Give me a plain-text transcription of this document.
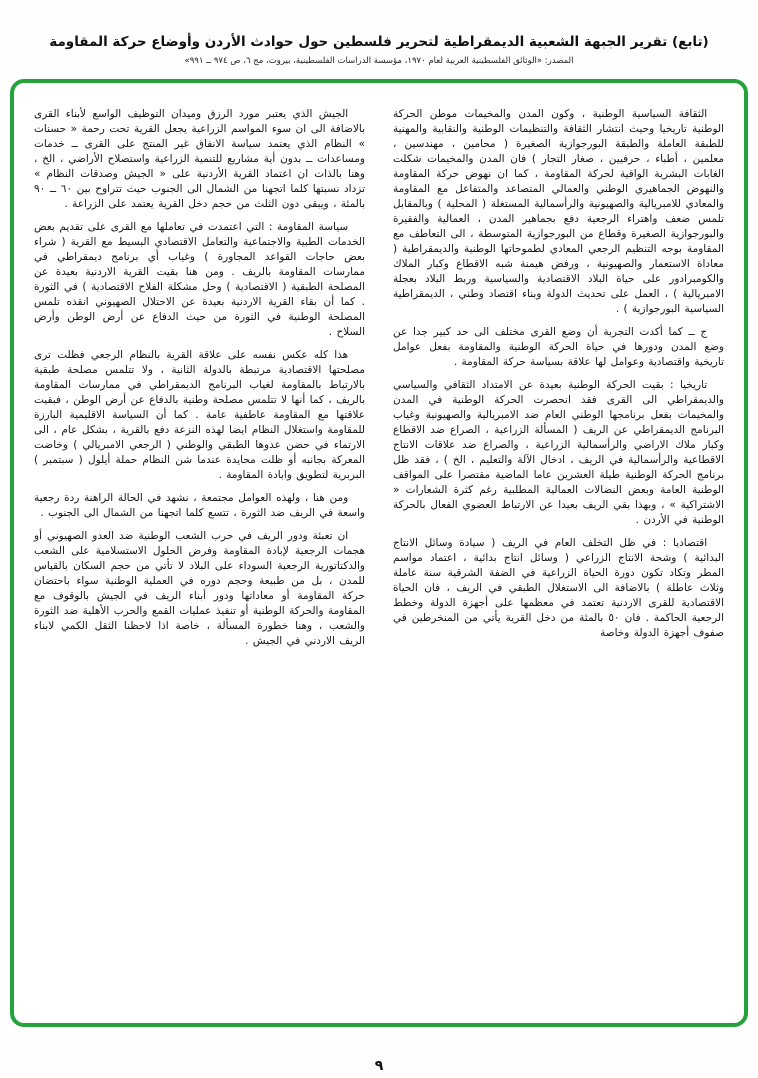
(تابع) تقرير الجبهة الشعبية الديمقراطية لتحرير فلسطين حول حوادث الأردن وأوضاع حركة المقاومة
المصدر: «الوثائق الفلسطينية العربية لعام ١٩٧٠، مؤسسة الدراسات الفلسطينية، بيروت، مج ٦، ص ٩٧٤ ــ ٩٩١»

الثقافة السياسية الوطنية ، وكون المدن والمخيمات موطن الحركة الوطنية تاريخيا وحيث انتشار الثقافة والتنظيمات الوطنية والنقابية والمهنية للطبقة العاملة والطبقة البورجوازية الصغيرة ( محامين ، مهندسين ، معلمين ، أطباء ، حرفيين ، صغار التجار ) فان المدن والمخيمات شكلت الغابات البشرية الواقية لحركة المقاومة ، كما ان نهوض حركة المقاومة والنهوض الجماهيري الوطني والعمالي المتصاعد والمتفاعل مع المقاومة والمعادي للامبريالية والصهيونية والرأسمالية المستغلة ( المحلية ) وبالمقابل تلمس ضعف واهتراء الرجعية دفع بجماهير المدن ، العمالية والفقيرة والبورجوازية الصغيرة وقطاع من البورجوازية المتوسطة ، الى التعاطف مع المقاومة بوجه التنظيم الرجعي المعادي لطموحاتها الوطنية والديمقراطية ( معاداة الاستعمار والصهيونية ، ورفض هيمنة شبه الاقطاع وكبار الملاك والكومبرادور على حياة البلاد الاقتصادية والسياسية وربط البلاد بعجلة الامبريالية ) ، العمل على تحديث الدولة وبناء اقتصاد وطني ، الديمقراطية السياسية البورجوازية ) .

ج ــ كما أكدت التجربة أن وضع القرى مختلف الى حد كبير جدا عن وضع المدن ودورها في حياة الحركة الوطنية والمقاومة بفعل عوامل تاريخية واقتصادية وعوامل لها علاقة بسياسة حركة المقاومة .

تاريخيا : بقيت الحركة الوطنية بعيدة عن الامتداد الثقافي والسياسي والديمقراطي الى القرى فقد انحصرت الحركة الوطنية في المدن والمخيمات بفعل برنامجها الوطني العام ضد الامبريالية والصهيونية وغياب البرنامج الديمقراطي عن الريف ( المسألة الزراعية ، الصراع ضد الاقطاع وكبار ملاك الاراضي والرأسمالية الزراعية ، والصراع ضد علاقات الانتاج الاقطاعية والرأسمالية في الريف ، ادخال الآلة والتعليم ، الخ ) ، فقد ظل برنامج الحركة الوطنية طيلة العشرين عاما الماضية مقتصرا على المواقف الوطنية العامة وبعض النضالات العمالية المطلبية رغم كثرة الشعارات « الاشتراكية » ، وبهذا بقي الريف بعيدا عن الارتباط العضوي الفعال بالحركة الوطنية في الأردن .

اقتصاديا : في ظل التخلف العام في الريف ( سيادة وسائل الانتاج البدائية ) وشحة الانتاج الزراعي ( وسائل انتاج بدائية ، اعتماد مواسم المطر وتكاد تكون دورة الحياة الزراعية في الضفة الشرقية سنة عاملة وثلاث عاطلة ) بالاضافة الى الاستغلال الطبقي في الريف ، فان الحياة الاقتصادية للقرى الاردنية تعتمد في معظمها على أجهزة الدولة وخطط الرجعية الحاكمة . فان ٥٠ بالمئة من دخل القرية يأتي من المنخرطين في صفوف أجهزة الدولة وخاصة

الجيش الذي يعتبر مورد الرزق وميدان التوظيف الواسع لأبناء القرى بالاضافة الى ان سوء المواسم الزراعية يجعل القرية تحت رحمة « حسنات » النظام الذي يعتمد سياسة الانفاق غير المنتج على القرى ــ خدمات ومساعدات ــ بدون أية مشاريع للتنمية الزراعية واستصلاح الأراضي ، الخ ، وهنا بالذات ان اعتماد القرية الأردنية على « الجيش وصدقات النظام » تزداد نسبتها كلما اتجهنا من الشمال الى الجنوب حيث تتراوح بين ٦٠ ــ ٩٠ بالمئة ، ويبقى دون الثلث من حجم دخل القرية يعتمد على الزراعة .

سياسة المقاومة : التي اعتمدت في تعاملها مع القرى على تقديم بعض الخدمات الطبية والاجتماعية والتعامل الاقتصادي البسيط مع القرية ( شراء بعض حاجات القواعد المجاورة ) وغياب أي برنامج ديمقراطي في ممارسات المقاومة بالريف . ومن هنا بقيت القرية الاردنية بعيدة عن المصلحة الطبقية ( الاقتصادية ) وحل مشكلة الفلاح الاقتصادية ) في الثورة . كما أن بقاء القرية الاردنية بعيدة عن الاحتلال الصهيوني انقذه تلمس المصلحة الوطنية في الثورة من حيث الدفاع عن أرض الوطن وأرض السلاح .

هذا كله عكس نفسه على علاقة القرية بالنظام الرجعي فظلت ترى مصلحتها الاقتصادية مرتبطة بالدولة الثانية ، ولا تتلمس مصلحة طبقية بالارتباط بالمقاومة لغياب البرنامج الديمقراطي في ممارسات المقاومة بالريف ، كما أنها لا تتلمس مصلحة وطنية بالدفاع عن أرض الوطن ، فبقيت علاقتها مع المقاومة عاطفية عامة . كما أن السياسة الاقليمية البارزة للمقاومة واستغلال النظام ايضا لهذه النزعة دفع بالقرية ، بشكل عام ، الى الارتماء في حضن عدوها الطبقي والوطني ( الرجعي الامبريالي ) وخاضت المعركة بجانبه أو ظلت محايدة عندما شن النظام حملة أيلول ( سبتمبر ) البربرية لتطويق وابادة المقاومة .

ومن هنا ، ولهذه العوامل مجتمعة ، نشهد في الحالة الراهنة ردة رجعية واسعة في الريف ضد الثورة ، تتسع كلما اتجهنا من الشمال الى الجنوب .

ان تعبئة ودور الريف في حرب الشعب الوطنية ضد العدو الصهيوني أو هجمات الرجعية لإبادة المقاومة وفرض الحلول الاستسلامية على الشعب والدكتاتورية الرجعية السوداء على البلاد لا تأتي من حجم السكان بالقياس للمدن ، بل من طبيعة وحجم دوره في العملية الوطنية سواء باحتضان حركة المقاومة أو معاداتها ودور أبناء الريف في الجيش بالوقوف مع المقاومة والحركة الوطنية أو تنفيذ عمليات القمع والحرب الأهلية ضد الثورة والشعب ، وهنا خطورة المسألة ، خاصة اذا لاحظنا الثقل الكمي لابناء الريف الاردني في الجيش .

٩
